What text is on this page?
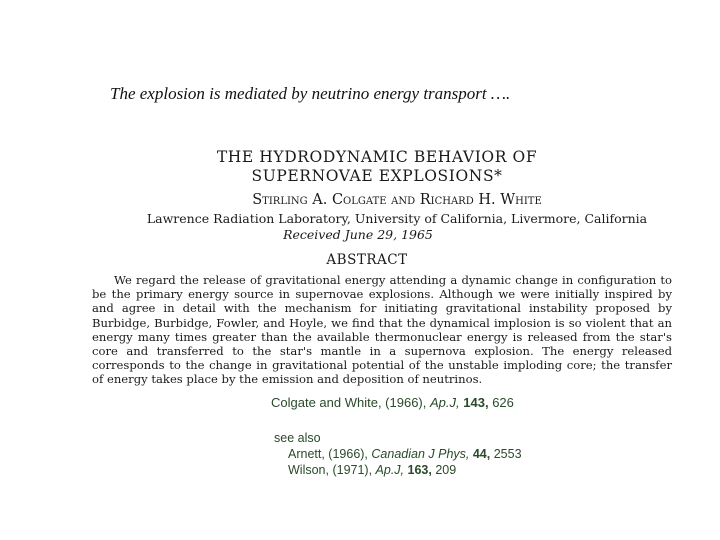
The explosion is mediated by neutrino energy transport ….
THE HYDRODYNAMIC BEHAVIOR OF
SUPERNOVAE EXPLOSIONS*
Stirling A. Colgate and Richard H. White
Lawrence Radiation Laboratory, University of California, Livermore, California
Received June 29, 1965
ABSTRACT
We regard the release of gravitational energy attending a dynamic change in configuration to be the primary energy source in supernovae explosions. Although we were initially inspired by and agree in detail with the mechanism for initiating gravitational instability proposed by Burbidge, Burbidge, Fowler, and Hoyle, we find that the dynamical implosion is so violent that an energy many times greater than the available thermonuclear energy is released from the star's core and transferred to the star's mantle in a supernova explosion. The energy released corresponds to the change in gravitational potential of the unstable imploding core; the transfer of energy takes place by the emission and deposition of neutrinos.
Colgate and White, (1966), Ap.J, 143, 626
see also
Arnett, (1966), Canadian J Phys, 44, 2553
Wilson, (1971), Ap.J, 163, 209
